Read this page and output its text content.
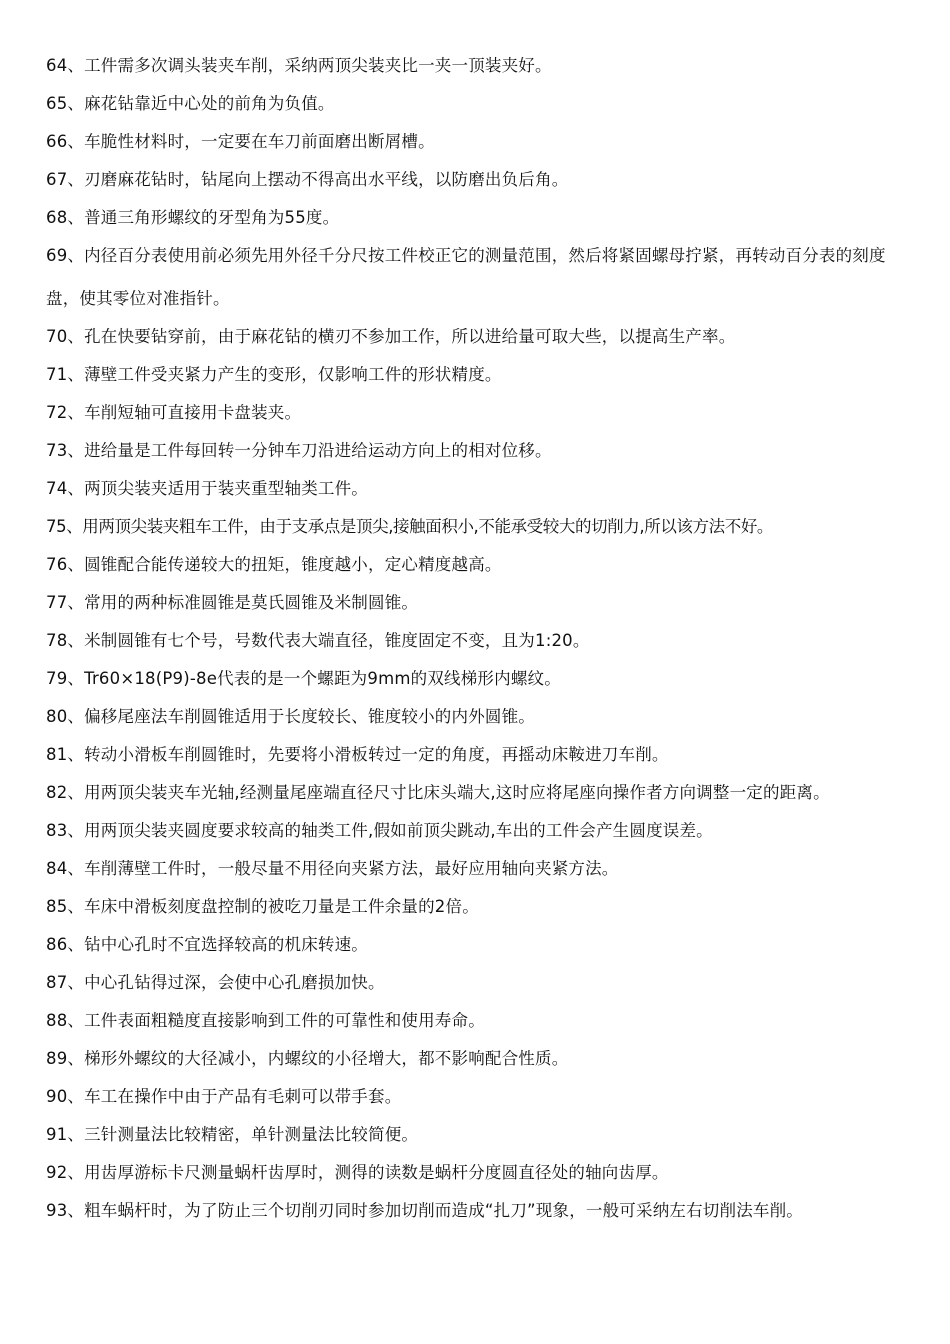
64、工件需多次调头装夹车削，采纳两顶尖装夹比一夹一顶装夹好。

65、麻花钻靠近中心处的前角为负值。

66、车脆性材料时，一定要在车刀前面磨出断屑槽。

67、刃磨麻花钻时，钻尾向上摆动不得高出水平线，以防磨出负后角。

68、普通三角形螺纹的牙型角为55度。

69、内径百分表使用前必须先用外径千分尺按工件校正它的测量范围，然后将紧固螺母拧紧，再转动百分表的刻度盘，使其零位对准指针。

70、孔在快要钻穿前，由于麻花钻的横刃不参加工作，所以进给量可取大些，以提高生产率。

71、薄壁工件受夹紧力产生的变形，仅影响工件的形状精度。

72、车削短轴可直接用卡盘装夹。

73、进给量是工件每回转一分钟车刀沿进给运动方向上的相对位移。

74、两顶尖装夹适用于装夹重型轴类工件。

75、用两顶尖装夹粗车工件，由于支承点是顶尖,接触面积小,不能承受较大的切削力,所以该方法不好。

76、圆锥配合能传递较大的扭矩，锥度越小，定心精度越高。

77、常用的两种标准圆锥是莫氏圆锥及米制圆锥。

78、米制圆锥有七个号，号数代表大端直径，锥度固定不变，且为1:20。

79、Tr60×18(P9)-8e代表的是一个螺距为9mm的双线梯形内螺纹。

80、偏移尾座法车削圆锥适用于长度较长、锥度较小的内外圆锥。

81、转动小滑板车削圆锥时，先要将小滑板转过一定的角度，再摇动床鞍进刀车削。

82、用两顶尖装夹车光轴,经测量尾座端直径尺寸比床头端大,这时应将尾座向操作者方向调整一定的距离。

83、用两顶尖装夹圆度要求较高的轴类工件,假如前顶尖跳动,车出的工件会产生圆度误差。

84、车削薄壁工件时，一般尽量不用径向夹紧方法，最好应用轴向夹紧方法。

85、车床中滑板刻度盘控制的被吃刀量是工件余量的2倍。

86、钻中心孔时不宜选择较高的机床转速。

87、中心孔钻得过深，会使中心孔磨损加快。

88、工件表面粗糙度直接影响到工件的可靠性和使用寿命。

89、梯形外螺纹的大径减小，内螺纹的小径增大，都不影响配合性质。

90、车工在操作中由于产品有毛刺可以带手套。

91、三针测量法比较精密，单针测量法比较简便。

92、用齿厚游标卡尺测量蜗杆齿厚时，测得的读数是蜗杆分度圆直径处的轴向齿厚。

93、粗车蜗杆时，为了防止三个切削刃同时参加切削而造成“扎刀”现象，一般可采纳左右切削法车削。
